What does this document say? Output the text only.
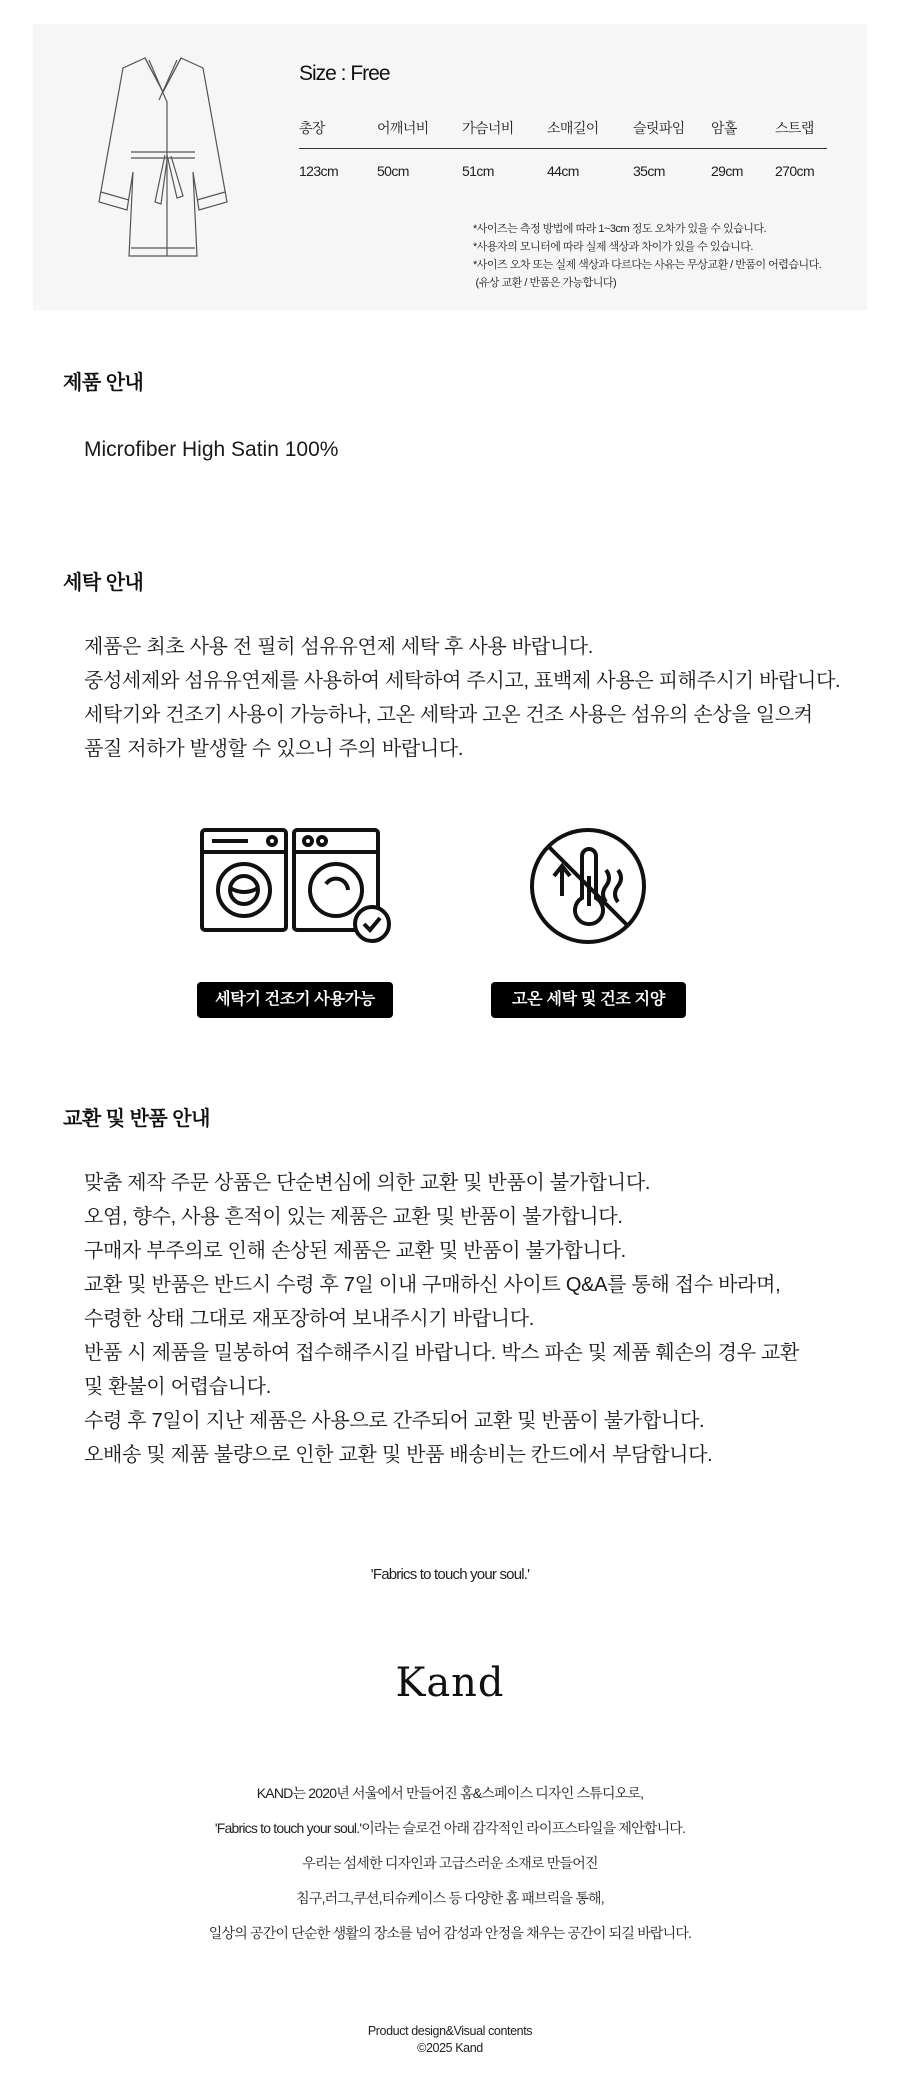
Size : Free
총장	어깨너비	가슴너비	소매길이	슬릿파임	암홀	스트랩
123cm	50cm	51cm	44cm	35cm	29cm	270cm
*사이즈는 측정 방법에 따라 1~3cm 정도 오차가 있을 수 있습니다.
*사용자의 모니터에 따라 실제 색상과 차이가 있을 수 있습니다.
*사이즈 오차 또는 실제 색상과 다르다는 사유는 무상교환 / 반품이 어렵습니다.
(유상 교환 / 반품은 가능합니다)
제품 안내
Microfiber High Satin 100%
세탁 안내
제품은 최초 사용 전 필히 섬유유연제 세탁 후 사용 바랍니다.
중성세제와 섬유유연제를 사용하여 세탁하여 주시고, 표백제 사용은 피해주시기 바랍니다.
세탁기와 건조기 사용이 가능하나, 고온 세탁과 고온 건조 사용은 섬유의 손상을 일으켜
품질 저하가 발생할 수 있으니 주의 바랍니다.
세탁기 건조기 사용가능	고온 세탁 및 건조 지양
교환 및 반품 안내
맞춤 제작 주문 상품은 단순변심에 의한 교환 및 반품이 불가합니다.
오염, 향수, 사용 흔적이 있는 제품은 교환 및 반품이 불가합니다.
구매자 부주의로 인해 손상된 제품은 교환 및 반품이 불가합니다.
교환 및 반품은 반드시 수령 후 7일 이내 구매하신 사이트 Q&A를 통해 접수 바라며,
수령한 상태 그대로 재포장하여 보내주시기 바랍니다.
반품 시 제품을 밀봉하여 접수해주시길 바랍니다. 박스 파손 및 제품 훼손의 경우 교환
및 환불이 어렵습니다.
수령 후 7일이 지난 제품은 사용으로 간주되어 교환 및 반품이 불가합니다.
오배송 및 제품 불량으로 인한 교환 및 반품 배송비는 칸드에서 부담합니다.
'Fabrics to touch your soul.'
Kand
KAND는 2020년 서울에서 만들어진 홈&스페이스 디자인 스튜디오로,
'Fabrics to touch your soul.'이라는 슬로건 아래 감각적인 라이프스타일을 제안합니다.
우리는 섬세한 디자인과 고급스러운 소재로 만들어진
침구,러그,쿠션,티슈케이스 등 다양한 홈 패브릭을 통해,
일상의 공간이 단순한 생활의 장소를 넘어 감성과 안정을 채우는 공간이 되길 바랍니다.
Product design&Visual contents
©2025 Kand
